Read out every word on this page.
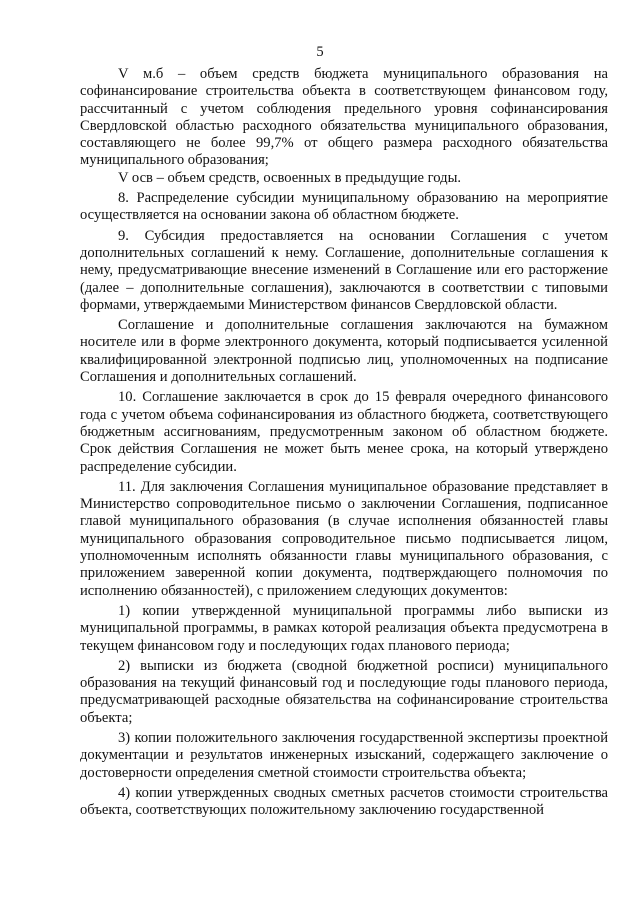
5

V м.б – объем средств бюджета муниципального образования на софинансирование строительства объекта в соответствующем финансовом году, рассчитанный с учетом соблюдения предельного уровня софинансирования Свердловской областью расходного обязательства муниципального образования, составляющего не более 99,7% от общего размера расходного обязательства муниципального образования;

V осв – объем средств, освоенных в предыдущие годы.

8. Распределение субсидии муниципальному образованию на мероприятие осуществляется на основании закона об областном бюджете.

9. Субсидия предоставляется на основании Соглашения с учетом дополнительных соглашений к нему. Соглашение, дополнительные соглашения к нему, предусматривающие внесение изменений в Соглашение или его расторжение (далее – дополнительные соглашения), заключаются в соответствии с типовыми формами, утверждаемыми Министерством финансов Свердловской области.

Соглашение и дополнительные соглашения заключаются на бумажном носителе или в форме электронного документа, который подписывается усиленной квалифицированной электронной подписью лиц, уполномоченных на подписание Соглашения и дополнительных соглашений.

10. Соглашение заключается в срок до 15 февраля очередного финансового года с учетом объема софинансирования из областного бюджета, соответствующего бюджетным ассигнованиям, предусмотренным законом об областном бюджете. Срок действия Соглашения не может быть менее срока, на который утверждено распределение субсидии.

11. Для заключения Соглашения муниципальное образование представляет в Министерство сопроводительное письмо о заключении Соглашения, подписанное главой муниципального образования (в случае исполнения обязанностей главы муниципального образования сопроводительное письмо подписывается лицом, уполномоченным исполнять обязанности главы муниципального образования, с приложением заверенной копии документа, подтверждающего полномочия по исполнению обязанностей), с приложением следующих документов:

1) копии утвержденной муниципальной программы либо выписки из муниципальной программы, в рамках которой реализация объекта предусмотрена в текущем финансовом году и последующих годах планового периода;

2) выписки из бюджета (сводной бюджетной росписи) муниципального образования на текущий финансовый год и последующие годы планового периода, предусматривающей расходные обязательства на софинансирование строительства объекта;

3) копии положительного заключения государственной экспертизы проектной документации и результатов инженерных изысканий, содержащего заключение о достоверности определения сметной стоимости строительства объекта;

4) копии утвержденных сводных сметных расчетов стоимости строительства объекта, соответствующих положительному заключению государственной
